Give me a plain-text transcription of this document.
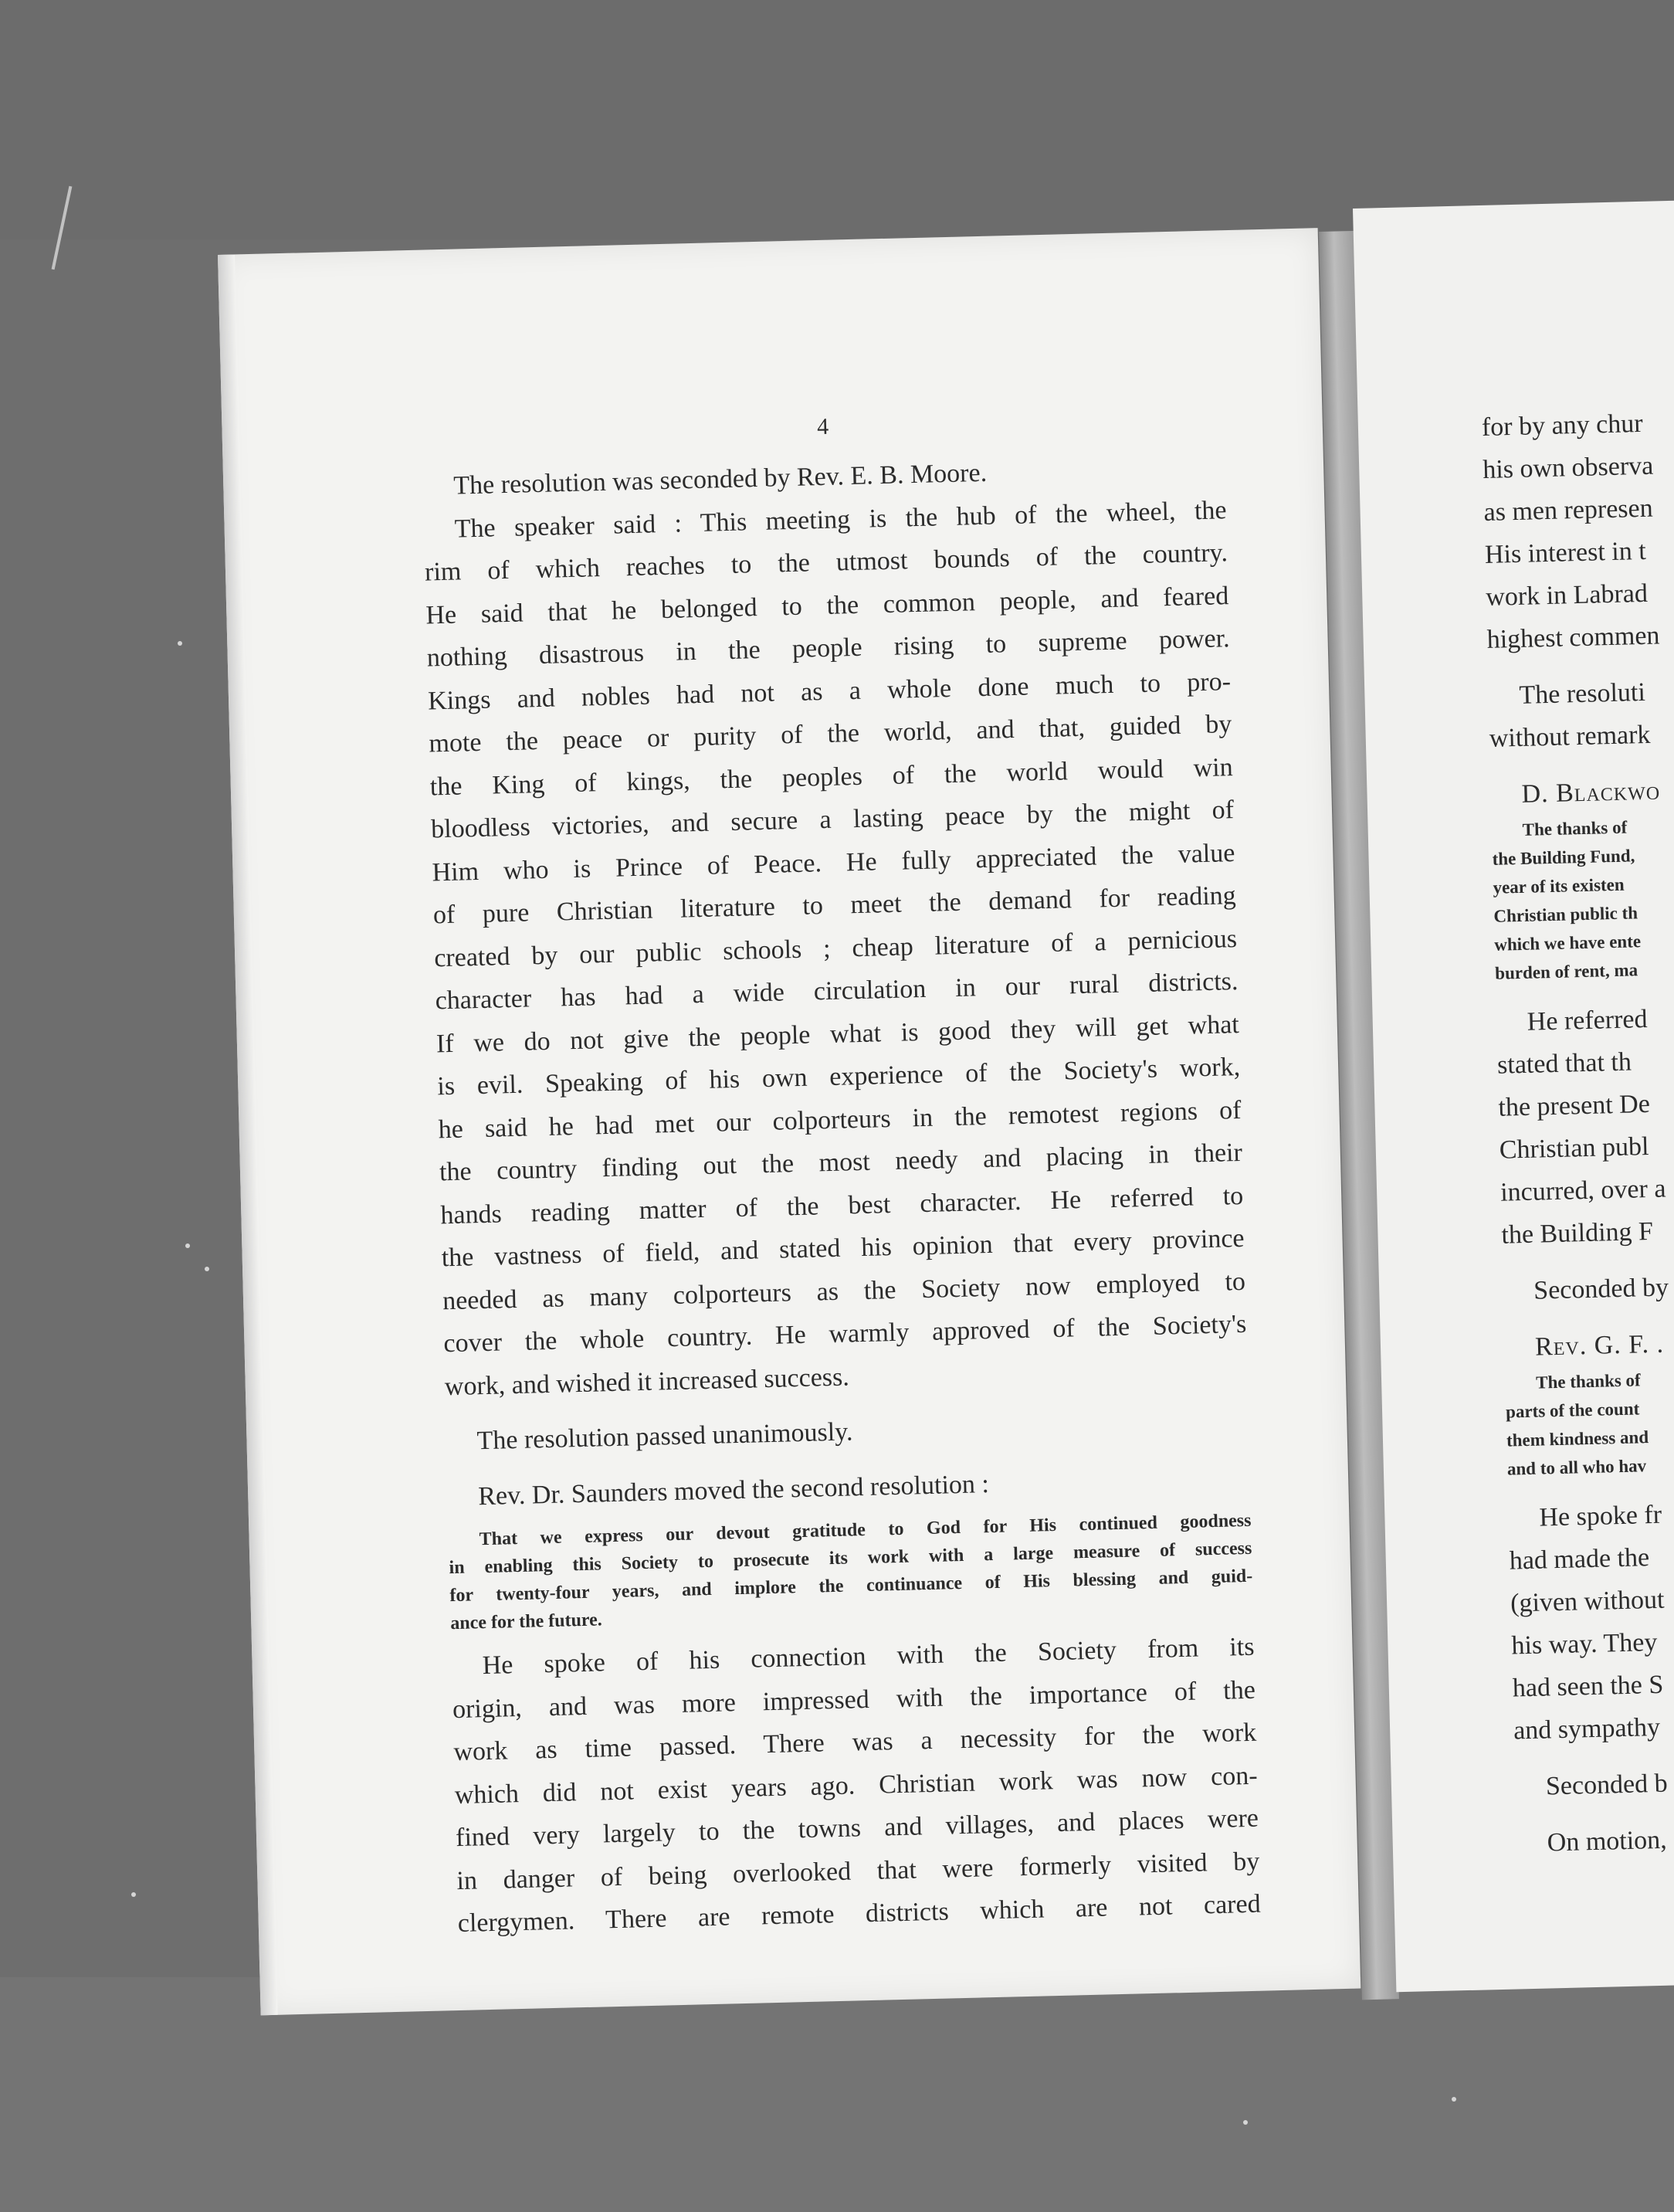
4
The resolution was seconded by Rev. E. B. Moore.
The speaker said : This meeting is the hub of the wheel, the
rim of which reaches to the utmost bounds of the country.
He said that he belonged to the common people, and feared
nothing disastrous in the people rising to supreme power.
Kings and nobles had not as a whole done much to pro-
mote the peace or purity of the world, and that, guided by
the King of kings, the peoples of the world would win
bloodless victories, and secure a lasting peace by the might of
Him who is Prince of Peace. He fully appreciated the value
of pure Christian literature to meet the demand for reading
created by our public schools ; cheap literature of a pernicious
character has had a wide circulation in our rural districts.
If we do not give the people what is good they will get what
is evil. Speaking of his own experience of the Society's work,
he said he had met our colporteurs in the remotest regions of
the country finding out the most needy and placing in their
hands reading matter of the best character. He referred to
the vastness of field, and stated his opinion that every province
needed as many colporteurs as the Society now employed to
cover the whole country. He warmly approved of the Society's
work, and wished it increased success.
The resolution passed unanimously.
Rev. Dr. Saunders moved the second resolution :
That we express our devout gratitude to God for His continued goodness
in enabling this Society to prosecute its work with a large measure of success
for twenty-four years, and implore the continuance of His blessing and guid-
ance for the future.
He spoke of his connection with the Society from its
origin, and was more impressed with the importance of the
work as time passed. There was a necessity for the work
which did not exist years ago. Christian work was now con-
fined very largely to the towns and villages, and places were
in danger of being overlooked that were formerly visited by
clergymen. There are remote districts which are not cared
for by any chur
his own observa
as men represen
His interest in t
work in Labrad
highest commen
The resoluti
without remark
D. Blackwo
The thanks of
the Building Fund,
year of its existen
Christian public th
which we have ente
burden of rent, ma
He referred
stated that th
the present De
Christian publ
incurred, over a
the Building F
Seconded by
Rev. G. F. .
The thanks of
parts of the count
them kindness and
and to all who hav
He spoke fr
had made the
(given without
his way. They
had seen the S
and sympathy
Seconded b
On motion,
